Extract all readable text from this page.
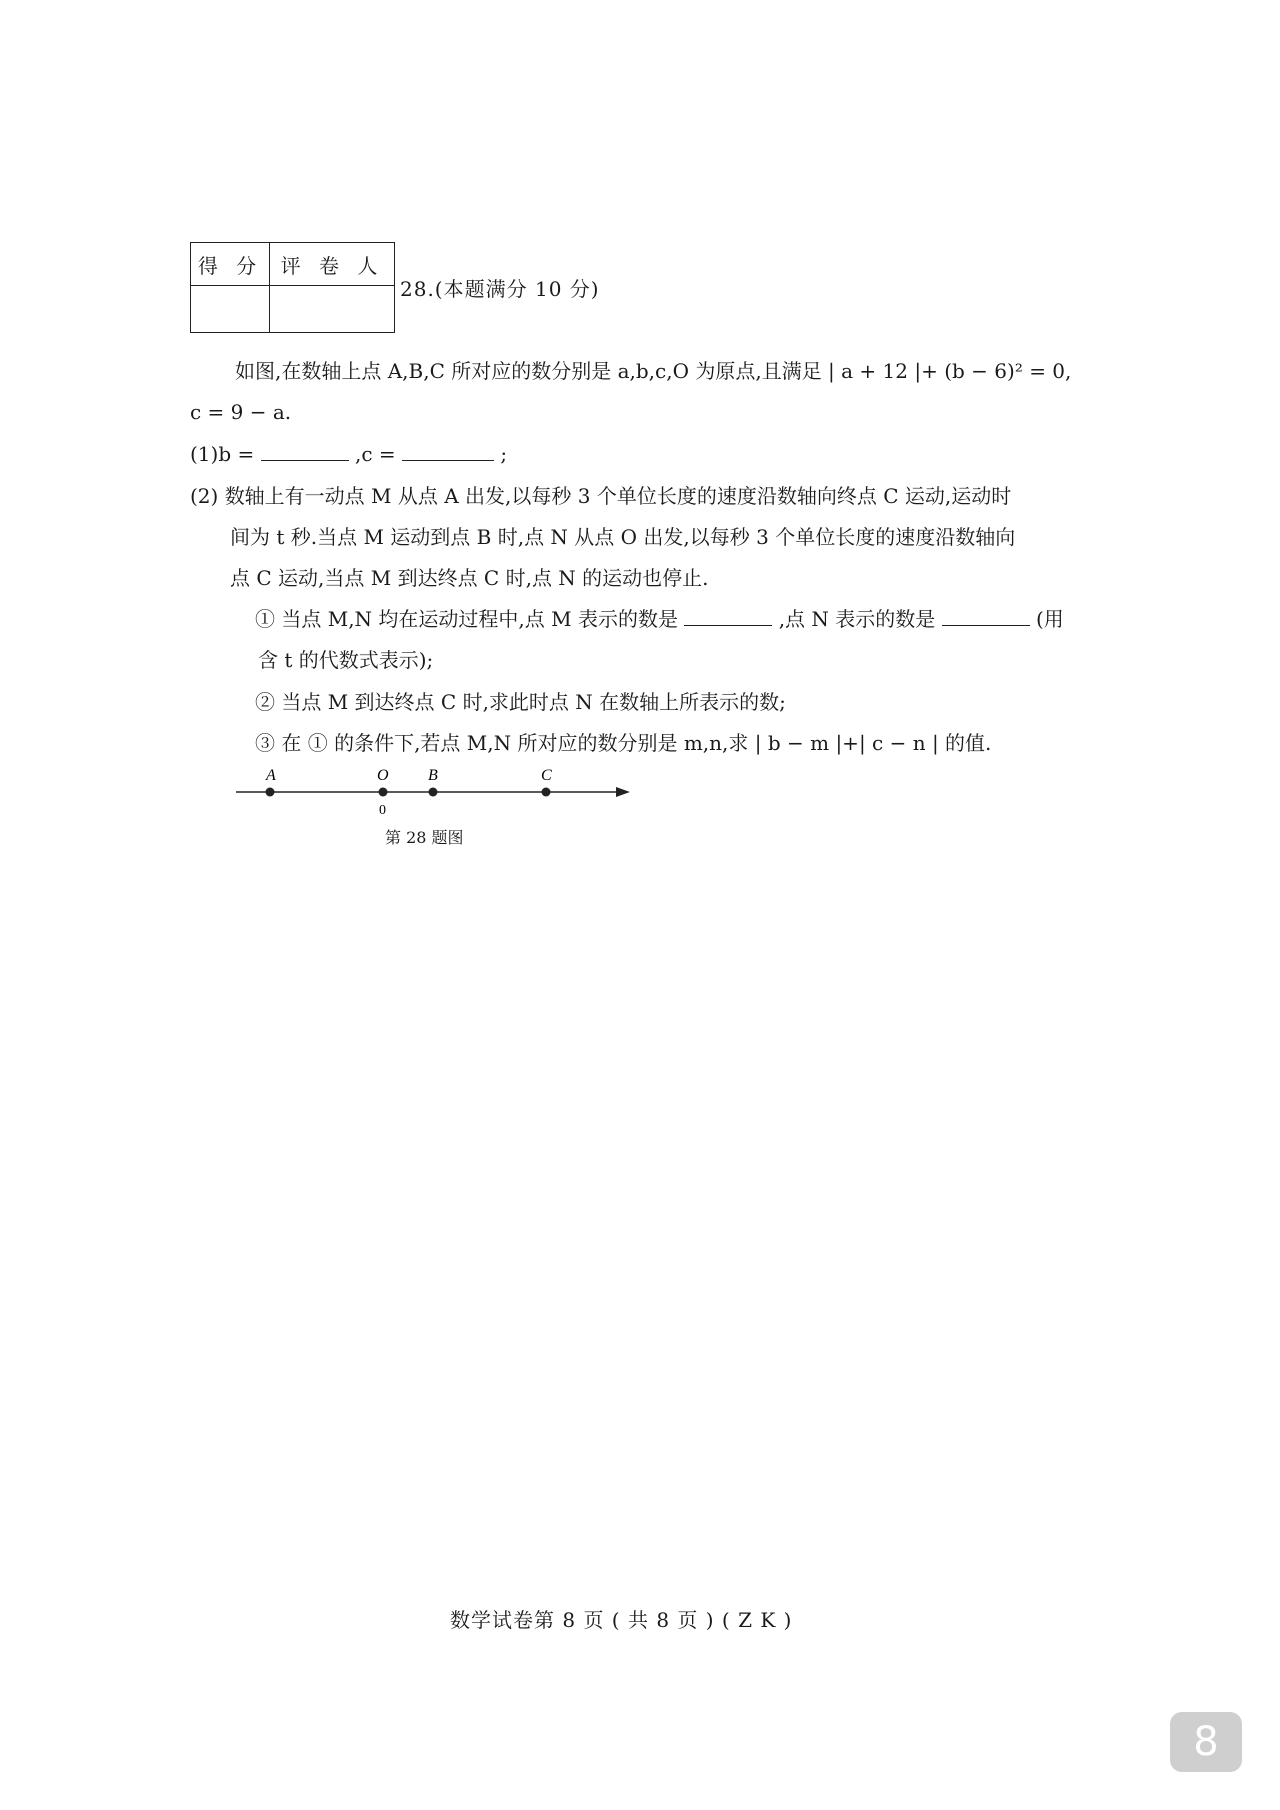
得 分	评 卷 人

28.(本题满分 10 分)
如图,在数轴上点 A,B,C 所对应的数分别是 a,b,c,O 为原点,且满足 | a + 12 |+ (b − 6)² = 0,
c = 9 − a.
(1)b =	,c =	;
(2) 数轴上有一动点 M 从点 A 出发,以每秒 3 个单位长度的速度沿数轴向终点 C 运动,运动时
间为 t 秒.当点 M 运动到点 B 时,点 N 从点 O 出发,以每秒 3 个单位长度的速度沿数轴向
点 C 运动,当点 M 到达终点 C 时,点 N 的运动也停止.
① 当点 M,N 均在运动过程中,点 M 表示的数是	,点 N 表示的数是	(用
含 t 的代数式表示);
② 当点 M 到达终点 C 时,求此时点 N 在数轴上所表示的数;
③ 在 ① 的条件下,若点 M,N 所对应的数分别是 m,n,求 | b − m |+| c − n | 的值.
A	O B	C
0
第 28 题图
数学试卷第 8 页 ( 共 8 页 ) ( Z K )
8
